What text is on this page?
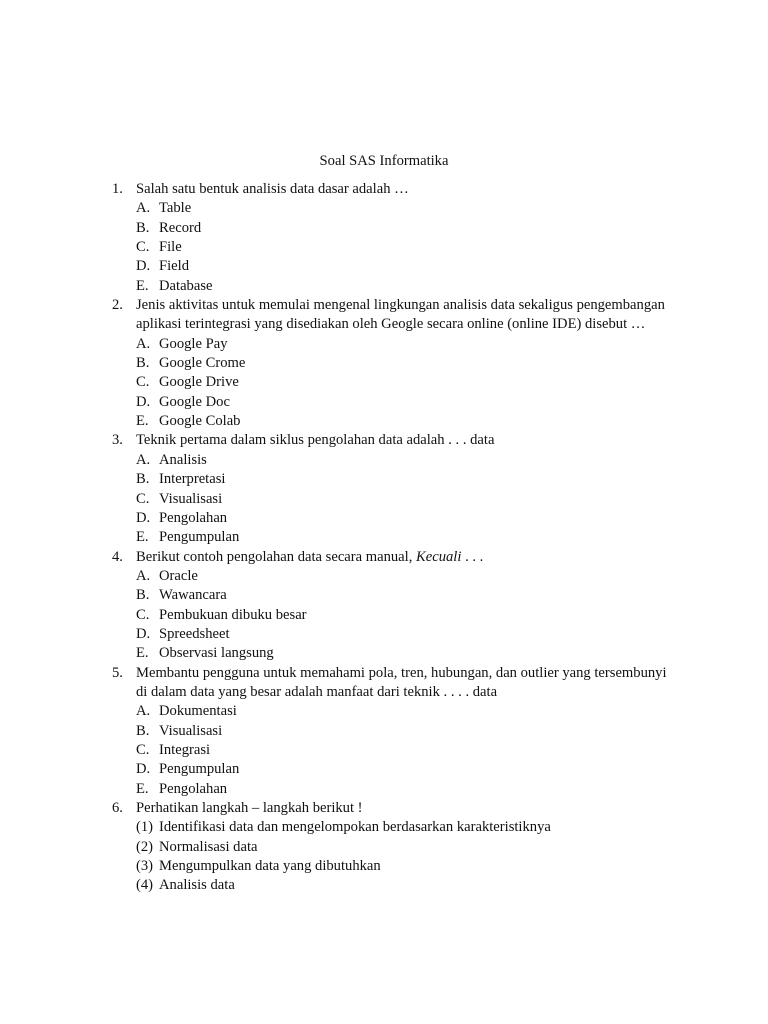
Soal SAS Informatika
1. Salah satu bentuk analisis data dasar adalah …
A. Table
B. Record
C. File
D. Field
E. Database
2. Jenis aktivitas untuk memulai mengenal lingkungan analisis data sekaligus pengembangan aplikasi terintegrasi yang disediakan oleh Geogle secara online (online IDE) disebut …
A. Google Pay
B. Google Crome
C. Google Drive
D. Google Doc
E. Google Colab
3. Teknik pertama dalam siklus pengolahan data adalah . . . data
A. Analisis
B. Interpretasi
C. Visualisasi
D. Pengolahan
E. Pengumpulan
4. Berikut contoh pengolahan data secara manual, Kecuali . . .
A. Oracle
B. Wawancara
C. Pembukuan dibuku besar
D. Spreedsheet
E. Observasi langsung
5. Membantu pengguna untuk memahami pola, tren, hubungan, dan outlier yang tersembunyi di dalam data yang besar adalah manfaat dari teknik . . . . data
A. Dokumentasi
B. Visualisasi
C. Integrasi
D. Pengumpulan
E. Pengolahan
6. Perhatikan langkah – langkah berikut !
(1) Identifikasi data dan mengelompokan berdasarkan karakteristiknya
(2) Normalisasi data
(3) Mengumpulkan data yang dibutuhkan
(4) Analisis data
